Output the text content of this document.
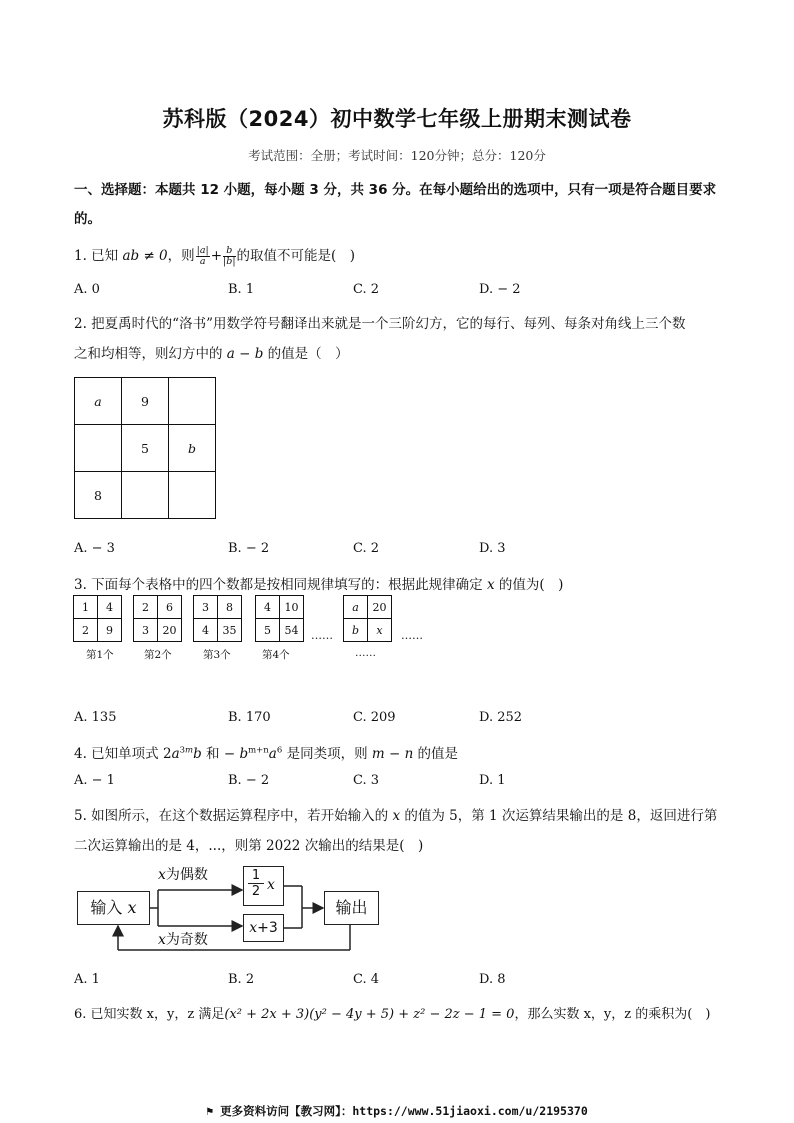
苏科版（2024）初中数学七年级上册期末测试卷
考试范围：全册；考试时间：120分钟；总分：120分
一、选择题：本题共 12 小题，每小题 3 分，共 36 分。在每小题给出的选项中，只有一项是符合题目要求
的。
1. 已知 ab ≠ 0，则 $\frac{|a|}{a} + \frac{b}{|b|}$ 的取值不可能是(　)
A. 0	B. 1	C. 2	D. − 2
2. 把夏禹时代的“洛书”用数学符号翻译出来就是一个三阶幻方，它的每行、每列、每条对角线上三个数
之和均相等，则幻方中的 a − b 的值是（　）
a	9	
	5	b
8		
A. − 3	B. − 2	C. 2	D. 3
3. 下面每个表格中的四个数都是按相同规律填写的：根据此规律确定 x 的值为(　)
1	4
2	9
第1个
2	6
3	20
第2个
3	8
4	35
第3个
4	10
5	54
第4个
……
a	20
b	x
……
……
A. 135	B. 170	C. 209	D. 252
4. 已知单项式 $2a^{3m}b$ 和 − $b^{m+n}a^6$ 是同类项，则 m − n 的值是
A. − 1	B. − 2	C. 3	D. 1
5. 如图所示，在这个数据运算程序中，若开始输入的 x 的值为 5，第 1 次运算结果输出的是 8，返回进行第
二次运算输出的是 4，...，则第 2022 次输出的结果是(　)
输入 x
x为偶数
x为奇数
$\frac{1}{2}$ x
x+3
输出
A. 1	B. 2	C. 4	D. 8
6. 已知实数 x，y，z 满足(x² + 2x + 3)(y² − 4y + 5) + z² − 2z − 1 = 0，那么实数 x，y，z 的乘积为(　)
⚑ 更多资料访问【教习网】：https://www.51jiaoxi.com/u/2195370
